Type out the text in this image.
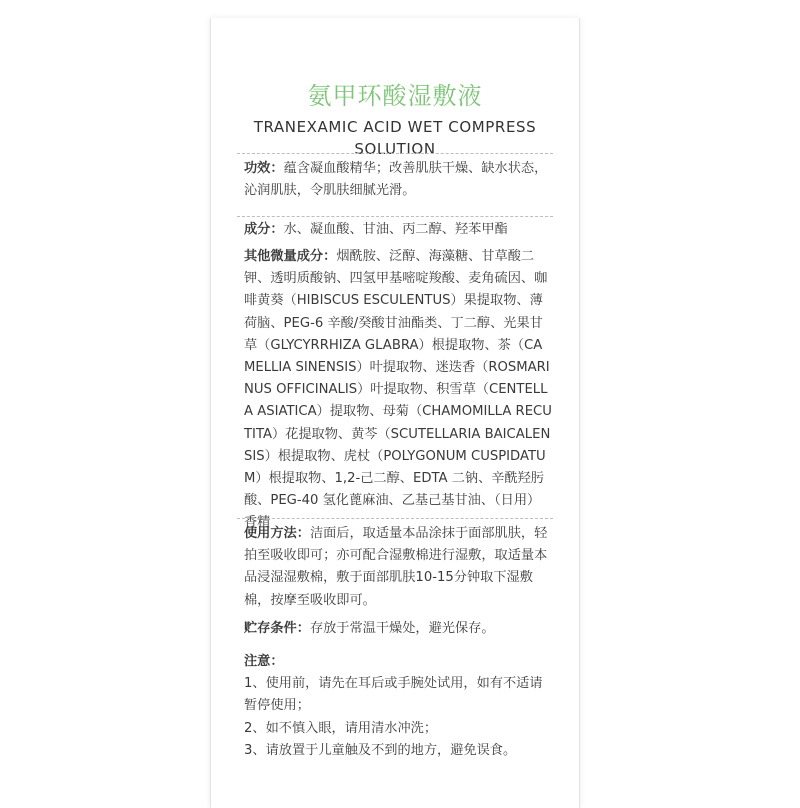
氨甲环酸湿敷液
TRANEXAMIC ACID WET COMPRESS
SOLUTION
功效：蕴含凝血酸精华；改善肌肤干燥、缺水状态，沁润肌肤，令肌肤细腻光滑。
成分：水、凝血酸、甘油、丙二醇、羟苯甲酯
其他微量成分：烟酰胺、泛醇、海藻糖、甘草酸二钾、透明质酸钠、四氢甲基嘧啶羧酸、麦角硫因、咖啡黄葵（HIBISCUS ESCULENTUS）果提取物、薄荷脑、PEG-6 辛酸/癸酸甘油酯类、丁二醇、光果甘草（GLYCYRRHIZA GLABRA）根提取物、茶（CAMELLIA SINENSIS）叶提取物、迷迭香（ROSMARINUS OFFICINALIS）叶提取物、积雪草（CENTELLA ASIATICA）提取物、母菊（CHAMOMILLA RECUTITA）花提取物、黄芩（SCUTELLARIA BAICALENSIS）根提取物、虎杖（POLYGONUM CUSPIDATUM）根提取物、1,2-己二醇、EDTA 二钠、辛酰羟肟酸、PEG-40 氢化蓖麻油、乙基己基甘油、（日用）香精
使用方法：洁面后，取适量本品涂抹于面部肌肤，轻拍至吸收即可；亦可配合湿敷棉进行湿敷，取适量本品浸湿湿敷棉，敷于面部肌肤10-15分钟取下湿敷棉，按摩至吸收即可。
贮存条件：存放于常温干燥处，避光保存。
注意：
1、使用前，请先在耳后或手腕处试用，如有不适请暂停使用；
2、如不慎入眼，请用清水冲洗；
3、请放置于儿童触及不到的地方，避免误食。
